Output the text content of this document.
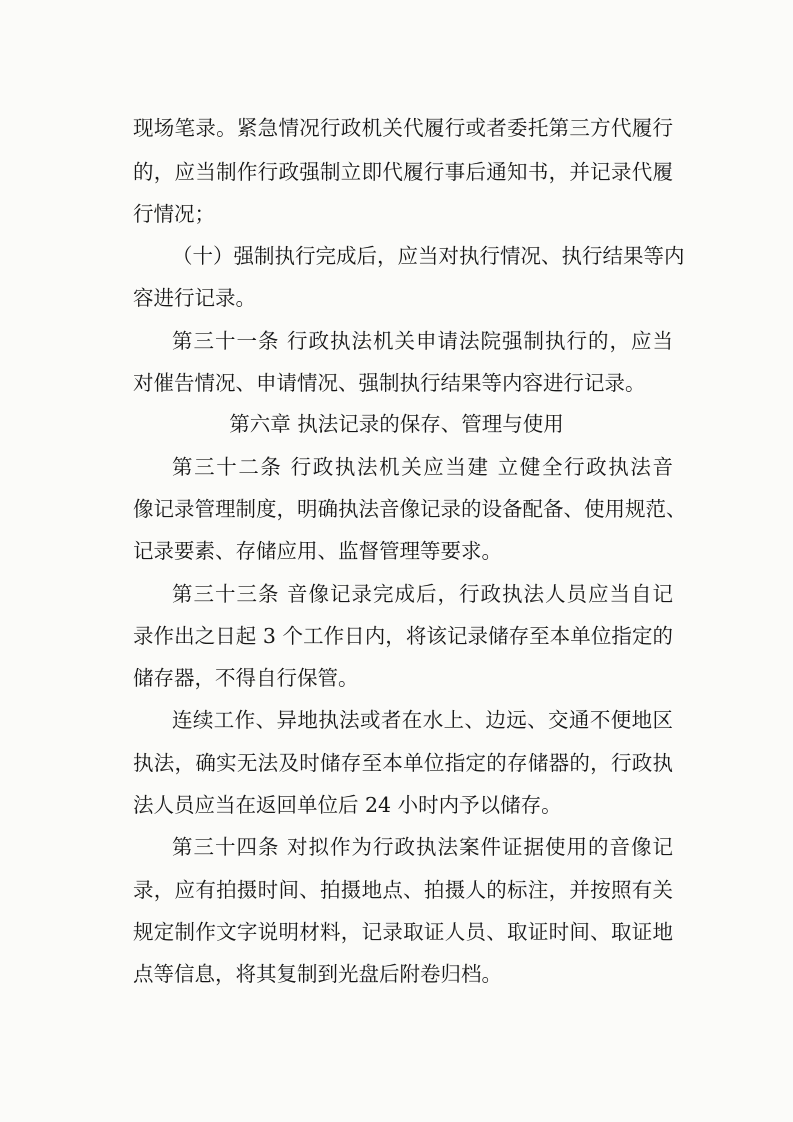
现场笔录。紧急情况行政机关代履行或者委托第三方代履行
的，应当制作行政强制立即代履行事后通知书，并记录代履
行情况；
（十）强制执行完成后，应当对执行情况、执行结果等内
容进行记录。
第三十一条 行政执法机关申请法院强制执行的，应当
对催告情况、申请情况、强制执行结果等内容进行记录。
第六章 执法记录的保存、管理与使用
第三十二条 行政执法机关应当建 立健全行政执法音
像记录管理制度，明确执法音像记录的设备配备、使用规范、
记录要素、存储应用、监督管理等要求。
第三十三条 音像记录完成后，行政执法人员应当自记
录作出之日起 3 个工作日内，将该记录储存至本单位指定的
储存器，不得自行保管。
连续工作、异地执法或者在水上、边远、交通不便地区
执法，确实无法及时储存至本单位指定的存储器的，行政执
法人员应当在返回单位后 24 小时内予以储存。
第三十四条 对拟作为行政执法案件证据使用的音像记
录，应有拍摄时间、拍摄地点、拍摄人的标注，并按照有关
规定制作文字说明材料，记录取证人员、取证时间、取证地
点等信息，将其复制到光盘后附卷归档。
